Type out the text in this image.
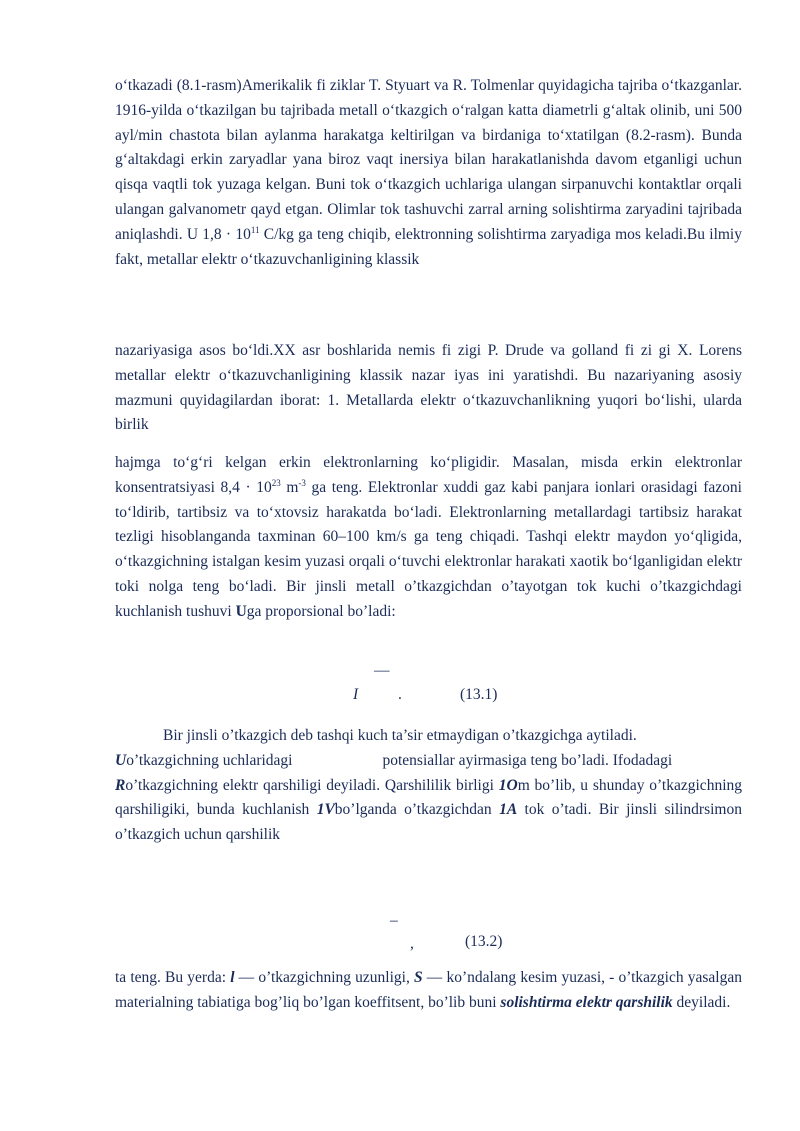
o‘tkazadi (8.1-rasm)Amerikalik fi ziklar T. Styuart va R. Tolmenlar quyidagicha tajriba o‘tkazganlar. 1916-yilda o‘tkazilgan bu tajribada metall o‘tkazgich o‘ralgan katta diametrli g‘altak olinib, uni 500 ayl/min chastota bilan aylanma harakatga keltirilgan va birdaniga to‘xtatilgan (8.2-rasm). Bunda g‘altakdagi erkin zaryadlar yana biroz vaqt inersiya bilan harakatlanishda davom etganligi uchun qisqa vaqtli tok yuzaga kelgan. Buni tok o‘tkazgich uchlariga ulangan sirpanuvchi kontaktlar orqali ulangan galvanometr qayd etgan. Olimlar tok tashuvchi zarral arning solishtirma zaryadini tajribada aniqlashdi. U $1,8 \cdot 10^{11}$ C/kg ga teng chiqib, elektronning solishtirma zaryadiga mos keladi.Bu ilmiy fakt, metallar elektr o‘tkazuvchanligining klassik

nazariyasiga asos bo‘ldi.XX asr boshlarida nemis fi zigi P. Drude va golland fi zi gi X. Lorens metallar elektr o‘tkazuvchanligining klassik nazar iyas ini yaratishdi. Bu nazariyaning asosiy mazmuni quyidagilardan iborat: 1. Metallarda elektr o‘tkazuvchanlikning yuqori bo‘lishi, ularda birlik

hajmga to‘g‘ri kelgan erkin elektronlarning ko‘pligidir. Masalan, misda erkin elektronlar konsentratsiyasi $8,4 \cdot 10^{23}$ $m^{-3}$ ga teng. Elektronlar xuddi gaz kabi panjara ionlari orasidagi fazoni to‘ldirib, tartibsiz va to‘xtovsiz harakatda bo‘ladi. Elektronlarning metallardagi tartibsiz harakat tezligi hisoblanganda taxminan 60–100 km/s ga teng chiqadi. Tashqi elektr maydon yo‘qligida, o‘tkazgichning istalgan kesim yuzasi orqali o‘tuvchi elektronlar harakati xaotik bo‘lganligidan elektr toki nolga teng bo‘ladi. Bir jinsli metall o’tkazgichdan o’tayotgan tok kuchi o’tkazgichdagi kuchlanish tushuvi Uga proporsional bo’ladi:

—
I	.	(13.1)

Bir jinsli o’tkazgich deb tashqi kuch ta’sir etmaydigan o’tkazgichga aytiladi.
Uo’tkazgichning uchlaridagi	potensiallar ayirmasiga teng bo’ladi. Ifodadagi
Ro’tkazgichning elektr qarshiligi deyiladi. Qarshililik birligi 1Om bo’lib, u shunday o’tkazgichning qarshiligiki, bunda kuchlanish 1Vbo’lganda o’tkazgichdan 1A tok o’tadi. Bir jinsli silindrsimon o’tkazgich uchun qarshilik

–
,	(13.2)

ta teng. Bu yerda: l — o’tkazgichning uzunligi, S — ko’ndalang kesim yuzasi, - o’tkazgich yasalgan materialning tabiatiga bog’liq bo’lgan koeffitsent, bo’lib buni solishtirma elektr qarshilik deyiladi.
